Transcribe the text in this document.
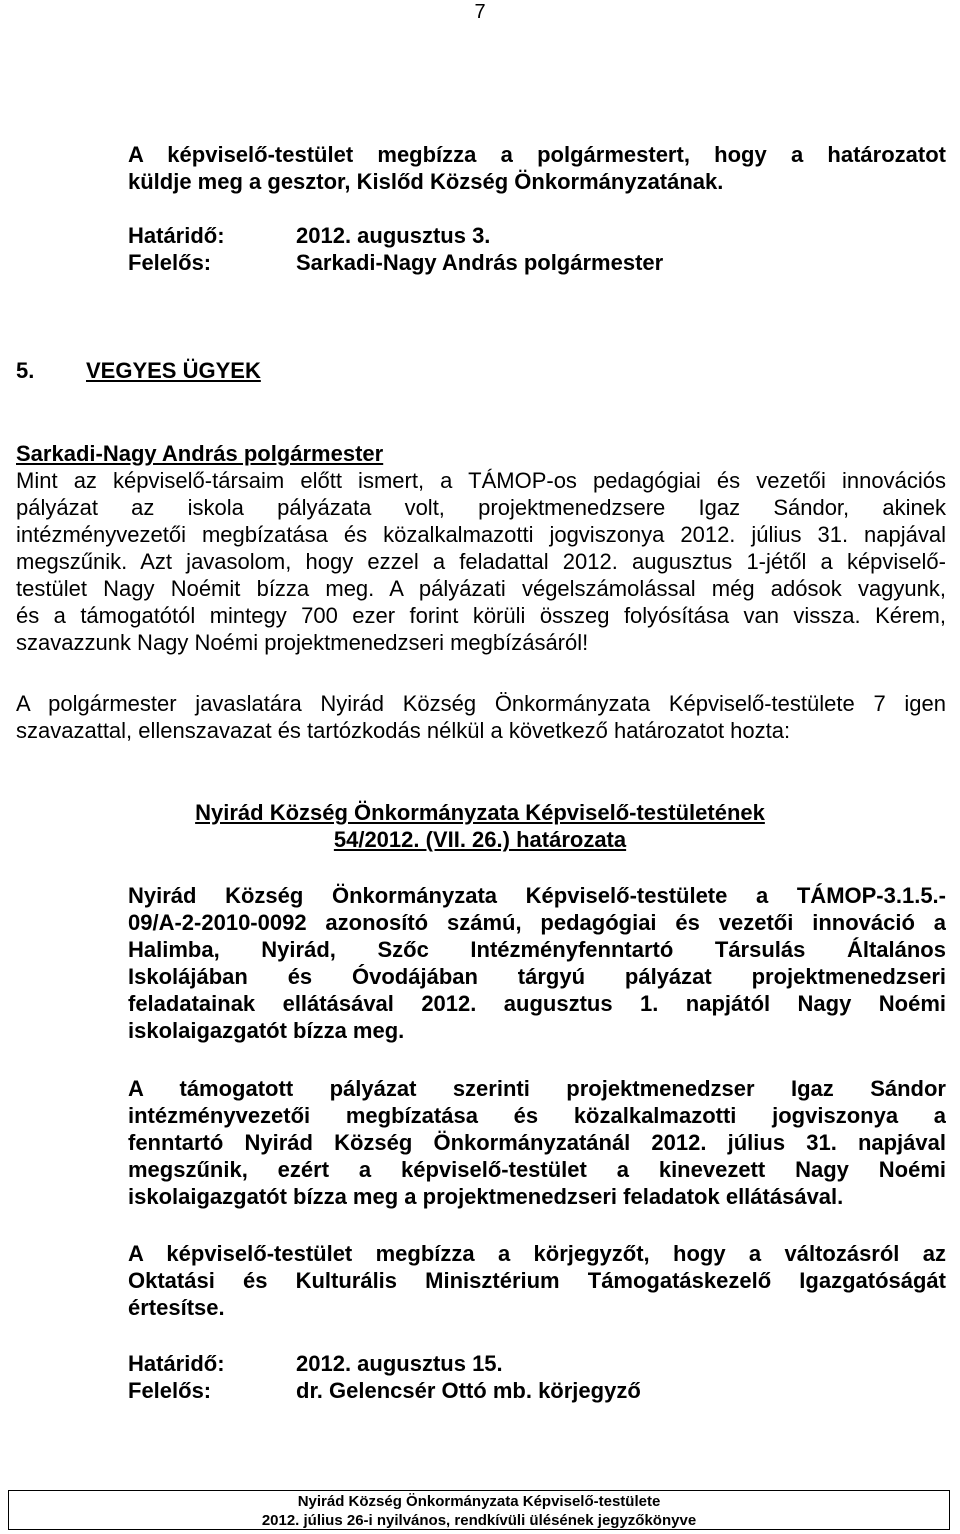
7
A képviselő-testület megbízza a polgármestert, hogy a határozatot
küldje meg a gesztor, Kislőd Község Önkormányzatának.
Határidő:	2012. augusztus 3.
Felelős:	Sarkadi-Nagy András polgármester
5. VEGYES ÜGYEK
Sarkadi-Nagy András polgármester
Mint az képviselő-társaim előtt ismert, a TÁMOP-os pedagógiai és vezetői innovációs
pályázat az iskola pályázata volt, projektmenedzsere Igaz Sándor, akinek
intézményvezetői megbízatása és közalkalmazotti jogviszonya 2012. július 31. napjával
megszűnik. Azt javasolom, hogy ezzel a feladattal 2012. augusztus 1-jétől a képviselő-
testület Nagy Noémit bízza meg. A pályázati végelszámolással még adósok vagyunk,
és a támogatótól mintegy 700 ezer forint körüli összeg folyósítása van vissza. Kérem,
szavazzunk Nagy Noémi projektmenedzseri megbízásáról!
A polgármester javaslatára Nyirád Község Önkormányzata Képviselő-testülete 7 igen
szavazattal, ellenszavazat és tartózkodás nélkül a következő határozatot hozta:
Nyirád Község Önkormányzata Képviselő-testületének
54/2012. (VII. 26.) határozata
Nyirád Község Önkormányzata Képviselő-testülete a TÁMOP-3.1.5.-
09/A-2-2010-0092 azonosító számú, pedagógiai és vezetői innováció a
Halimba, Nyirád, Szőc Intézményfenntartó Társulás Általános
Iskolájában és Óvodájában tárgyú pályázat projektmenedzseri
feladatainak ellátásával 2012. augusztus 1. napjától Nagy Noémi
iskolaigazgatót bízza meg.
A támogatott pályázat szerinti projektmenedzser Igaz Sándor
intézményvezetői megbízatása és közalkalmazotti jogviszonya a
fenntartó Nyirád Község Önkormányzatánál 2012. július 31. napjával
megszűnik, ezért a képviselő-testület a kinevezett Nagy Noémi
iskolaigazgatót bízza meg a projektmenedzseri feladatok ellátásával.
A képviselő-testület megbízza a körjegyzőt, hogy a változásról az
Oktatási és Kulturális Minisztérium Támogatáskezelő Igazgatóságát
értesítse.
Határidő:	2012. augusztus 15.
Felelős:	dr. Gelencsér Ottó mb. körjegyző
Nyirád Község Önkormányzata Képviselő-testülete
2012. július 26-i nyilvános, rendkívüli ülésének jegyzőkönyve
